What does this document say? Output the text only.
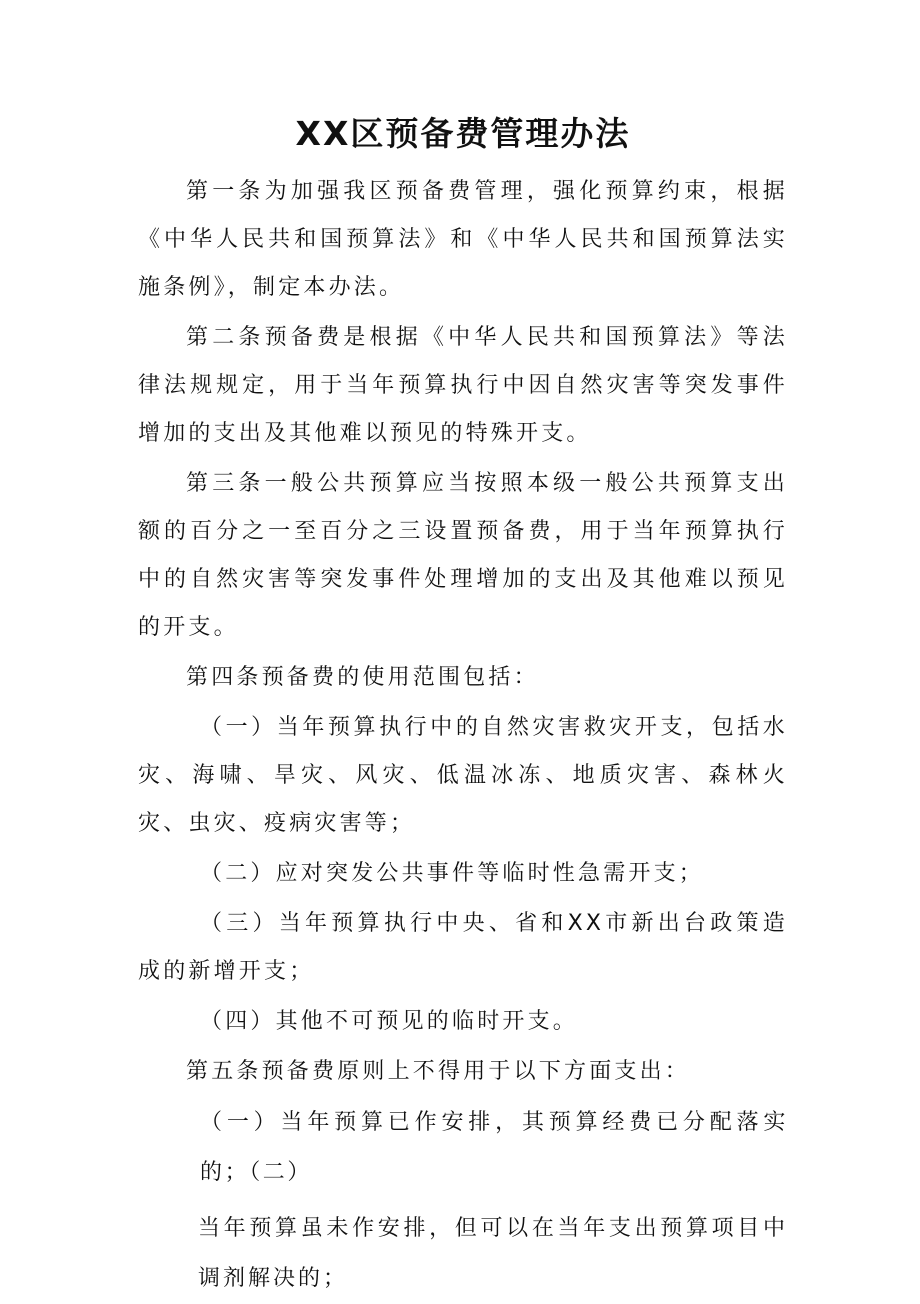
XX区预备费管理办法

第一条为加强我区预备费管理，强化预算约束，根据《中华人民共和国预算法》和《中华人民共和国预算法实施条例》，制定本办法。

第二条预备费是根据《中华人民共和国预算法》等法律法规规定，用于当年预算执行中因自然灾害等突发事件增加的支出及其他难以预见的特殊开支。

第三条一般公共预算应当按照本级一般公共预算支出额的百分之一至百分之三设置预备费，用于当年预算执行中的自然灾害等突发事件处理增加的支出及其他难以预见的开支。

第四条预备费的使用范围包括：

（一）当年预算执行中的自然灾害救灾开支，包括水灾、海啸、旱灾、风灾、低温冰冻、地质灾害、森林火灾、虫灾、疫病灾害等；

（二）应对突发公共事件等临时性急需开支；

（三）当年预算执行中央、省和XX市新出台政策造成的新增开支；

（四）其他不可预见的临时开支。

第五条预备费原则上不得用于以下方面支出：

（一）当年预算已作安排，其预算经费已分配落实的；（二）

当年预算虽未作安排，但可以在当年支出预算项目中调剂解决的；
